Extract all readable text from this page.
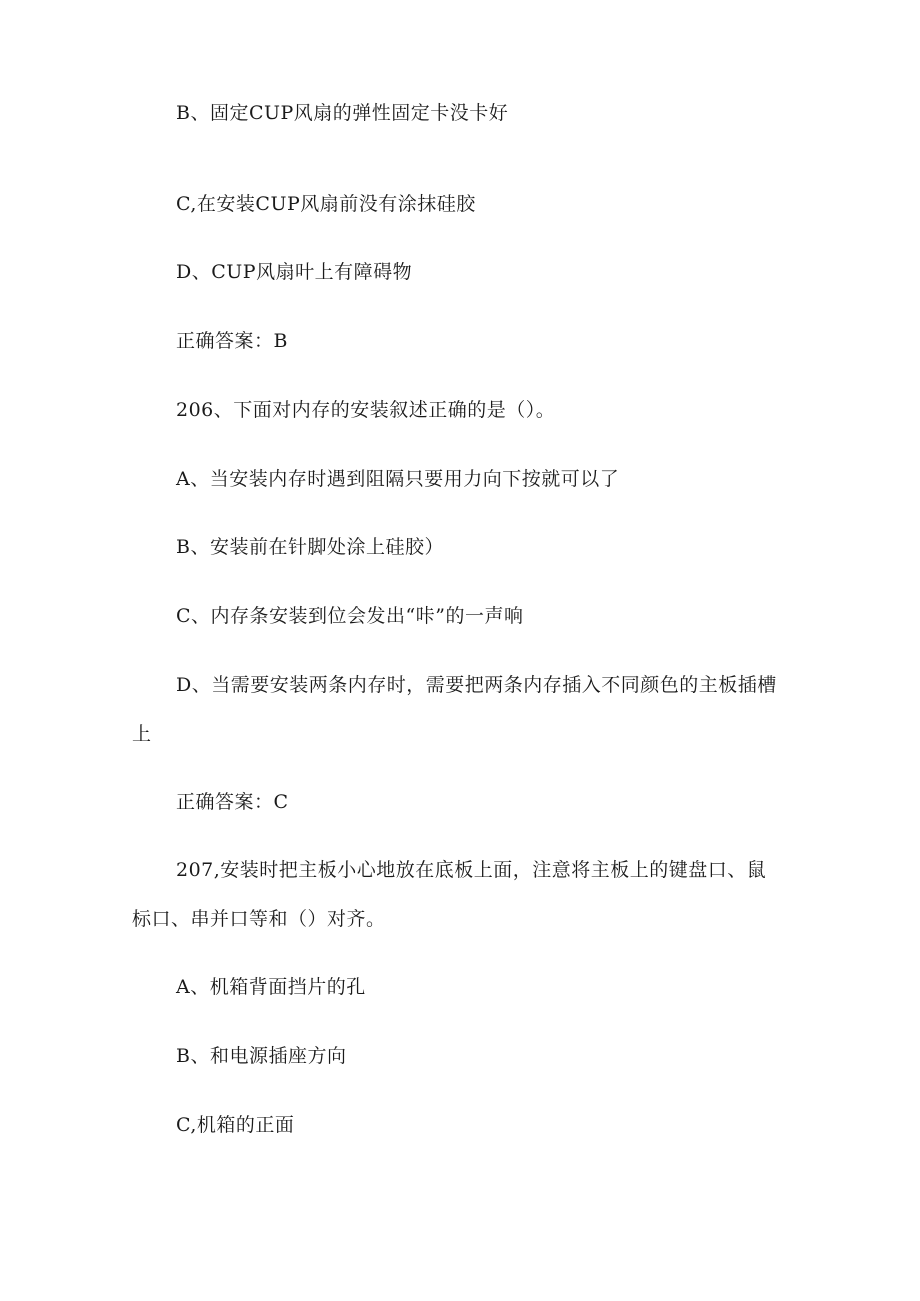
B、固定CUP风扇的弹性固定卡没卡好
C,在安装CUP风扇前没有涂抹硅胶
D、CUP风扇叶上有障碍物
正确答案：B
206、下面对内存的安装叙述正确的是（）。
A、当安装内存时遇到阻隔只要用力向下按就可以了
B、安装前在针脚处涂上硅胶）
C、内存条安装到位会发出“咔”的一声响
D、当需要安装两条内存时，需要把两条内存插入不同颜色的主板插槽上
正确答案：C
207,安装时把主板小心地放在底板上面，注意将主板上的键盘口、鼠标口、串并口等和（）对齐。
A、机箱背面挡片的孔
B、和电源插座方向
C,机箱的正面
